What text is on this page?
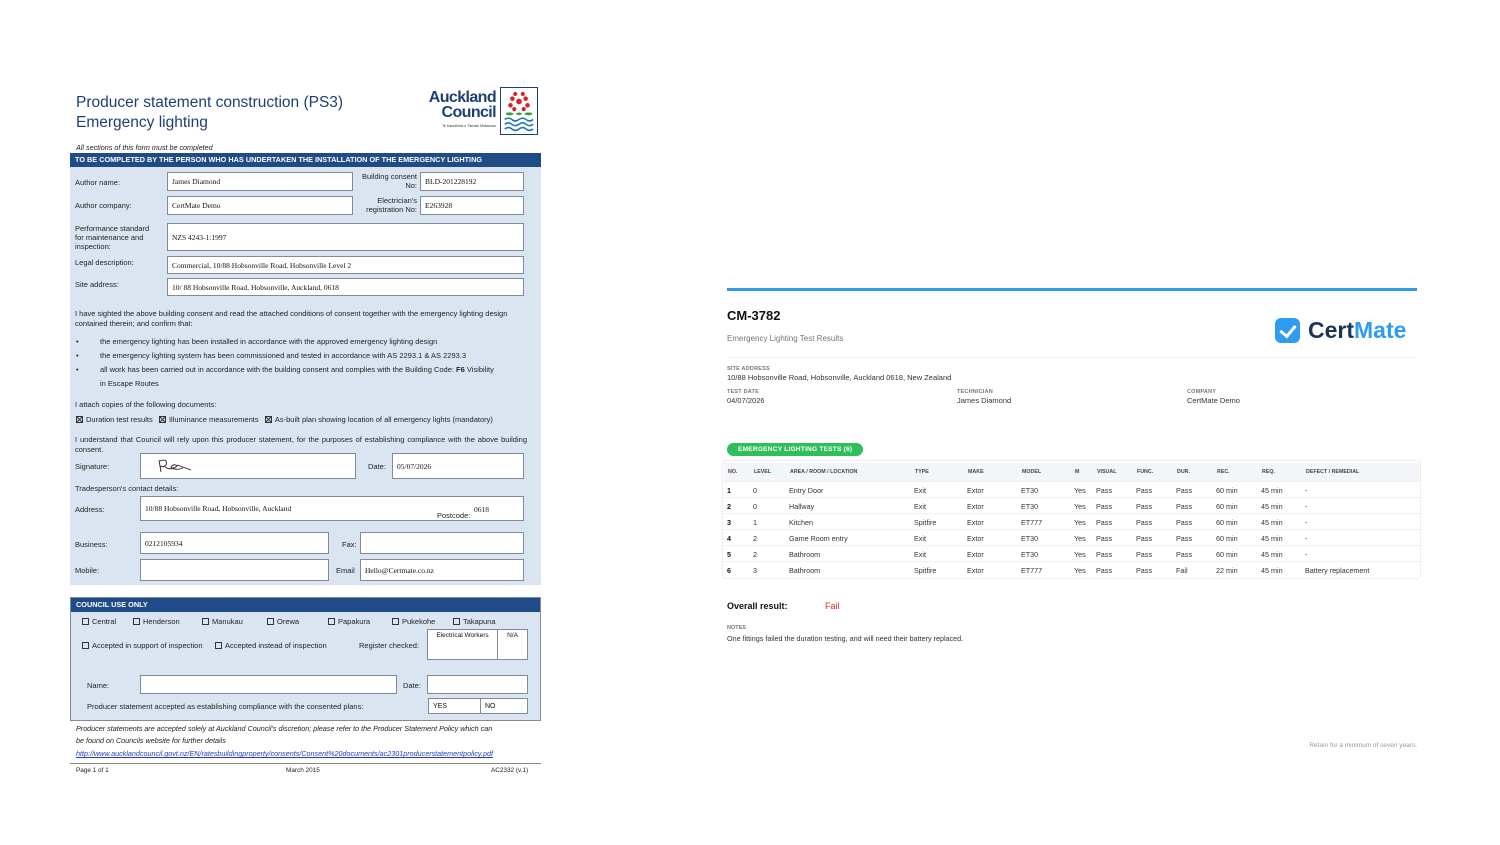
Producer statement construction (PS3)
Emergency lighting
Auckland
Council
Te Kaunihera o Tāmaki Makaurau
All sections of this form must be completed
TO BE COMPLETED BY THE PERSON WHO HAS UNDERTAKEN THE INSTALLATION OF THE EMERGENCY LIGHTING
Author name:	James Diamond
Building consent
No:	BLD-201228192
Author company:	CertMate Demo
Electrician's
registration No:	E263928
Performance standard
for maintenance and
inspection:
NZS 4243-1:1997
Legal description:	Commercial, 10/88 Hobsonville Road, Hobsonville Level 2
Site address:	10/ 88 Hobsonville Road, Hobsonville, Auckland, 0618
I have sighted the above building consent and read the attached conditions of consent together with the emergency lighting design contained therein; and confirm that:
• the emergency lighting has been installed in accordance with the approved emergency lighting design
• the emergency lighting system has been commissioned and tested in accordance with AS 2293.1 & AS 2293.3
• all work has been carried out in accordance with the building consent and complies with the Building Code: F6 Visibility
in Escape Routes
I attach copies of the following documents:
Duration test results Illuminance measurements As-built plan showing location of all emergency lights (mandatory)
I understand that Council will rely upon this producer statement, for the purposes of establishing compliance with the above building consent.
Signature:	Date:	05/07/2026
Tradesperson's contact details:
Address:	10/88 Hobsonville Road, Hobsonville, Auckland
Postcode:
0618
Business:	0212105934	Fax:
Mobile:	Email	Hello@Certmate.co.nz
COUNCIL USE ONLY
Central	Henderson	Manukau	Orewa	Papakura	Pukekohe	Takapuna
Accepted in support of inspection	Accepted instead of inspection	Register checked:
Electrical Workers	N/A
Name:	Date:
Producer statement accepted as establishing compliance with the consented plans:	YES	NO
Producer statements are accepted solely at Auckland Council's discretion; please refer to the Producer Statement Policy which can
be found on Councils website for further details
http://www.aucklandcouncil.govt.nz/EN/ratesbuildingproperty/consents/Consent%20documents/ac2301producerstatementpolicy.pdf
Page 1 of 1	March 2015	AC2332 (v.1)
CM-3782
Emergency Lighting Test Results	Cert Mate
SITE ADDRESS
10/88 Hobsonville Road, Hobsonville, Auckland 0618, New Zealand
TEST DATE
04/07/2026
TECHNICIAN
James Diamond
COMPANY
CertMate Demo
EMERGENCY LIGHTING TESTS (6)
NO.	LEVEL	AREA / ROOM / LOCATION	TYPE	MAKE	MODEL	M	VISUAL	FUNC.	DUR.	REC.	REQ.	DEFECT / REMEDIAL
1	0	Entry Door	Exit	Extor	ET30	Yes Pass	Pass	Pass	60 min	45 min	-
2	0	Hallway	Exit	Extor	ET30	Yes Pass	Pass	Pass	60 min	45 min	-
3	1	Kitchen	Spitfire	Extor	ET777	Yes Pass	Pass	Pass	60 min	45 min	-
4	2	Game Room entry	Exit	Extor	ET30	Yes Pass	Pass	Pass	60 min	45 min	-
5	2	Bathroom	Exit	Extor	ET30	Yes Pass	Pass	Pass	60 min	45 min	-
6	3	Bathroom	Spitfire	Extor	ET777	Yes Pass	Pass	Fail	22 min	45 min	Battery replacement
Overall result:	Fail
NOTES
One fittings failed the duration testing, and will need their battery replaced.
Retain for a minimum of seven years.
